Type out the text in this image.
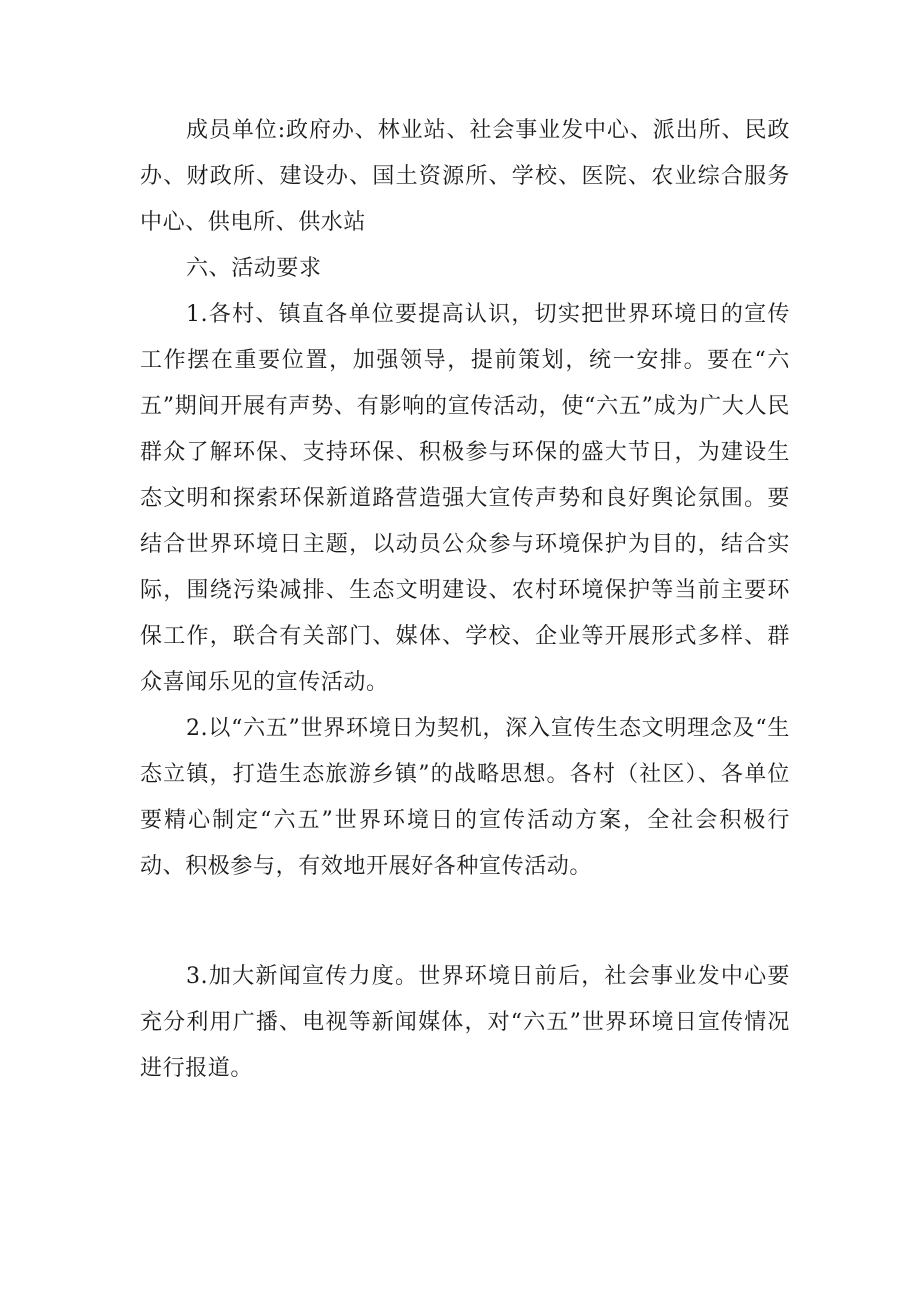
成员单位:政府办、林业站、社会事业发中心、派出所、民政办、财政所、建设办、国土资源所、学校、医院、农业综合服务中心、供电所、供水站

六、活动要求

1.各村、镇直各单位要提高认识，切实把世界环境日的宣传工作摆在重要位置，加强领导，提前策划，统一安排。要在“六五”期间开展有声势、有影响的宣传活动，使“六五”成为广大人民群众了解环保、支持环保、积极参与环保的盛大节日，为建设生态文明和探索环保新道路营造强大宣传声势和良好舆论氛围。要结合世界环境日主题，以动员公众参与环境保护为目的，结合实际，围绕污染减排、生态文明建设、农村环境保护等当前主要环保工作，联合有关部门、媒体、学校、企业等开展形式多样、群众喜闻乐见的宣传活动。

2.以“六五”世界环境日为契机，深入宣传生态文明理念及“生态立镇，打造生态旅游乡镇”的战略思想。各村（社区）、各单位要精心制定“六五”世界环境日的宣传活动方案，全社会积极行动、积极参与，有效地开展好各种宣传活动。

3.加大新闻宣传力度。世界环境日前后，社会事业发中心要充分利用广播、电视等新闻媒体，对“六五”世界环境日宣传情况进行报道。
